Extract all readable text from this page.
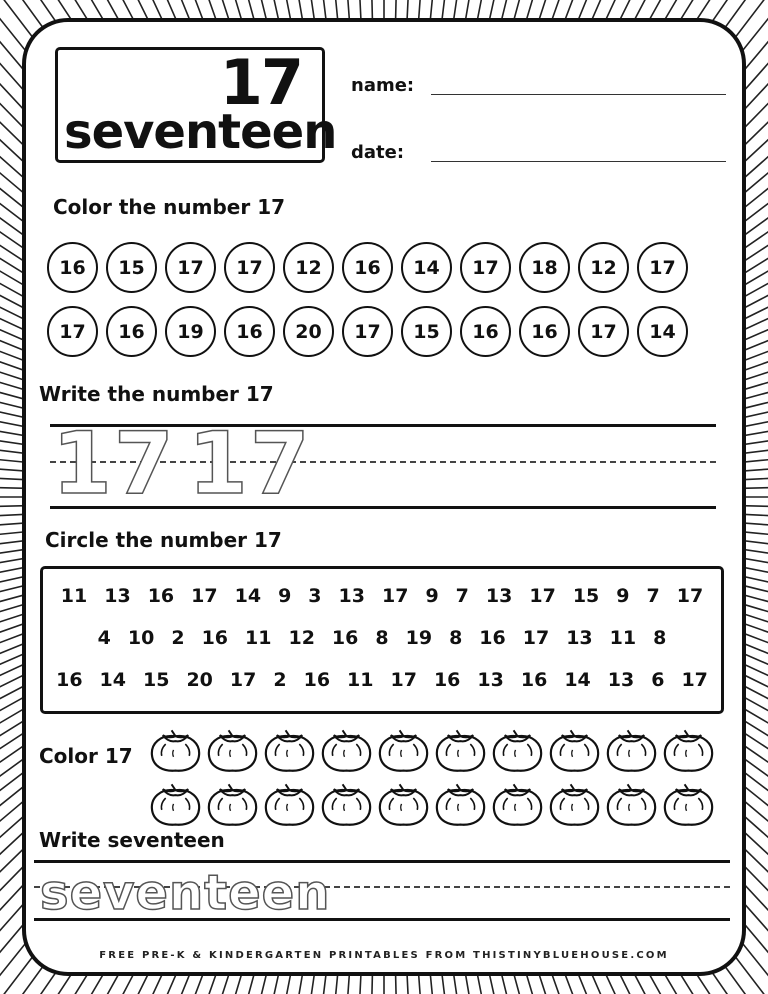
17
seventeen
name:
date:
Color the number 17
16	15	17	17	12	16	14	17	18	12	17
17	16	19	16	20	17	15	16	16	17	14
Write the number 17
17 17
Circle the number 17
11 13 16 17 14 9 3 13 17 9 7 13 17 15 9 7 17
4 10 2 16 11 12 16 8 19 8 16 17 13 11 8
16 14 15 20 17 2 16 11 17 16 13 16 14 13 6 17
Color 17
Write seventeen
seventeen
FREE PRE-K & KINDERGARTEN PRINTABLES FROM THISTINYBLUEHOUSE.COM
